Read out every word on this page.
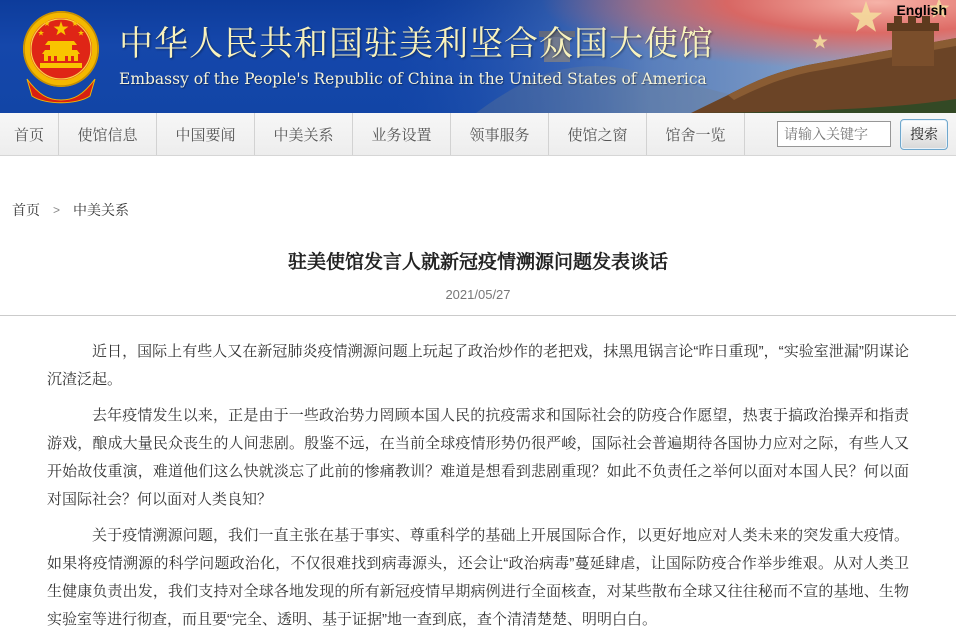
中华人民共和国驻美利坚合众国大使馆
Embassy of the People's Republic of China in the United States of America
English
首页	使馆信息	中国要闻	中美关系	业务设置	领事服务	使馆之窗	馆舍一览
请输入关键字	搜索
首页 > 中美关系
驻美使馆发言人就新冠疫情溯源问题发表谈话
2021/05/27

近日，国际上有些人又在新冠肺炎疫情溯源问题上玩起了政治炒作的老把戏，抹黑甩锅言论“昨日重现”，“实验室泄漏”阴谋论沉渣泛起。

去年疫情发生以来，正是由于一些政治势力罔顾本国人民的抗疫需求和国际社会的防疫合作愿望，热衷于搞政治操弄和指责游戏，酿成大量民众丧生的人间悲剧。殷鉴不远，在当前全球疫情形势仍很严峻，国际社会普遍期待各国协力应对之际，有些人又开始故伎重演，难道他们这么快就淡忘了此前的惨痛教训？难道是想看到悲剧重现？如此不负责任之举何以面对本国人民？何以面对国际社会？何以面对人类良知？

关于疫情溯源问题，我们一直主张在基于事实、尊重科学的基础上开展国际合作，以更好地应对人类未来的突发重大疫情。如果将疫情溯源的科学问题政治化，不仅很难找到病毒源头，还会让“政治病毒”蔓延肆虐，让国际防疫合作举步维艰。从对人类卫生健康负责出发，我们支持对全球各地发现的所有新冠疫情早期病例进行全面核查，对某些散布全球又往往秘而不宣的基地、生物实验室等进行彻查，而且要“完全、透明、基于证据”地一查到底，查个清清楚楚、明明白白。
